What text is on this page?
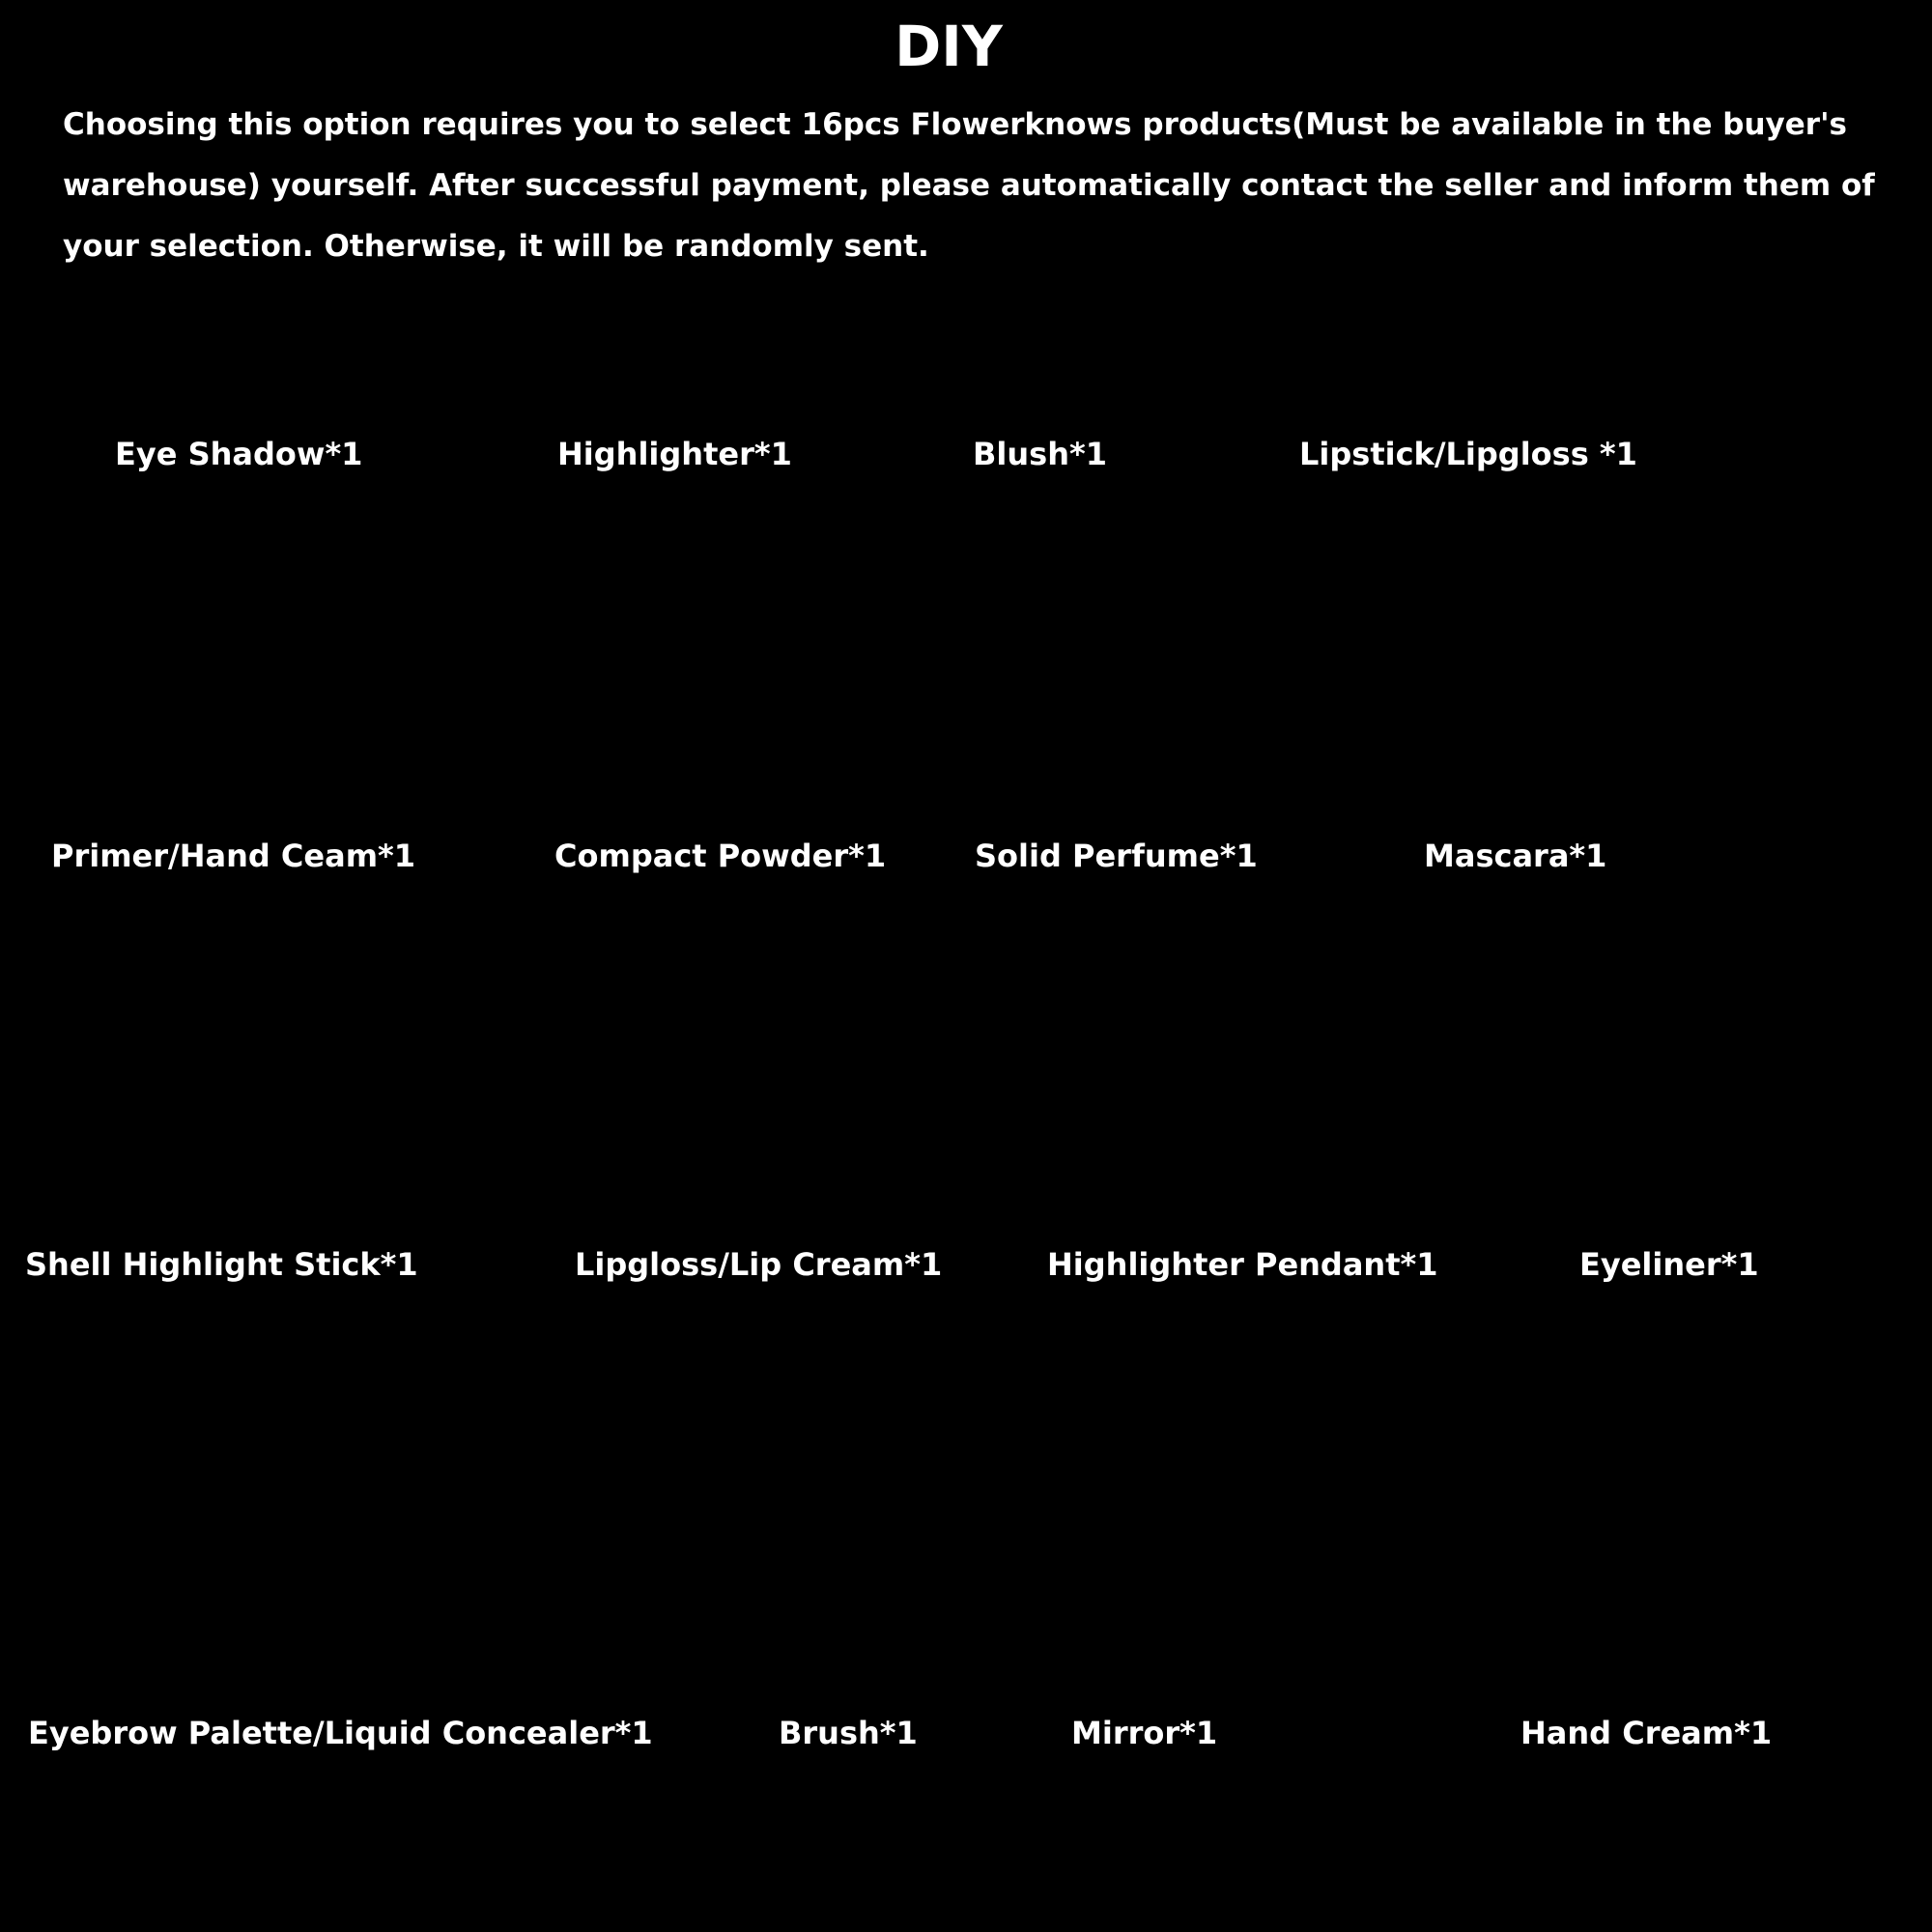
DIY
Choosing this option requires you to select 16pcs Flowerknows products(Must be available in the buyer's warehouse) yourself. After successful payment, please automatically contact the seller and inform them of your selection. Otherwise, it will be randomly sent.
Eye Shadow*1	Highlighter*1	Blush*1	Lipstick/Lipgloss *1
Primer/Hand Ceam*1	Compact Powder*1	Solid Perfume*1	Mascara*1
Shell Highlight Stick*1	Lipgloss/Lip Cream*1	Highlighter Pendant*1	Eyeliner*1
Eyebrow Palette/Liquid Concealer*1	Brush*1	Mirror*1	Hand Cream*1
